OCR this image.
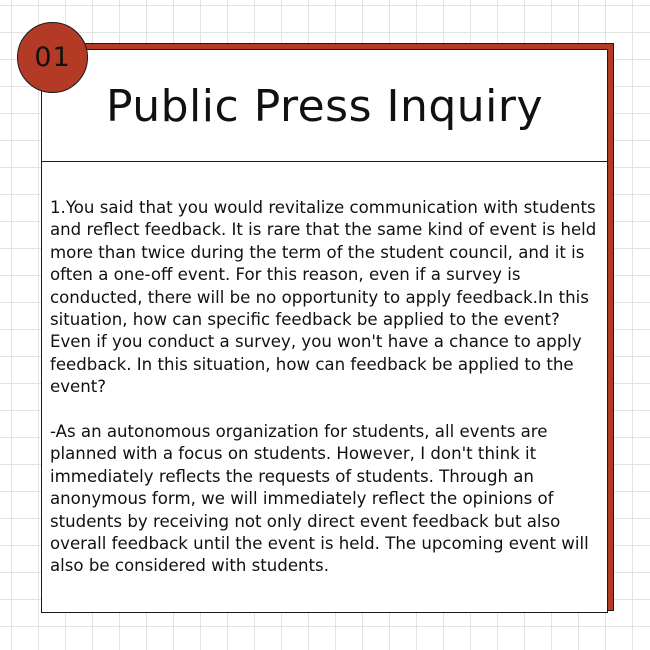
Public Press Inquiry

1.You said that you would revitalize communication with students and reflect feedback. It is rare that the same kind of event is held more than twice during the term of the student council, and it is often a one-off event. For this reason, even if a survey is conducted, there will be no opportunity to apply feedback.In this situation, how can specific feedback be applied to the event? Even if you conduct a survey, you won't have a chance to apply feedback. In this situation, how can feedback be applied to the event?

-As an autonomous organization for students, all events are planned with a focus on students. However, I don't think it immediately reflects the requests of students. Through an anonymous form, we will immediately reflect the opinions of students by receiving not only direct event feedback but also overall feedback until the event is held. The upcoming event will also be considered with students.

01
